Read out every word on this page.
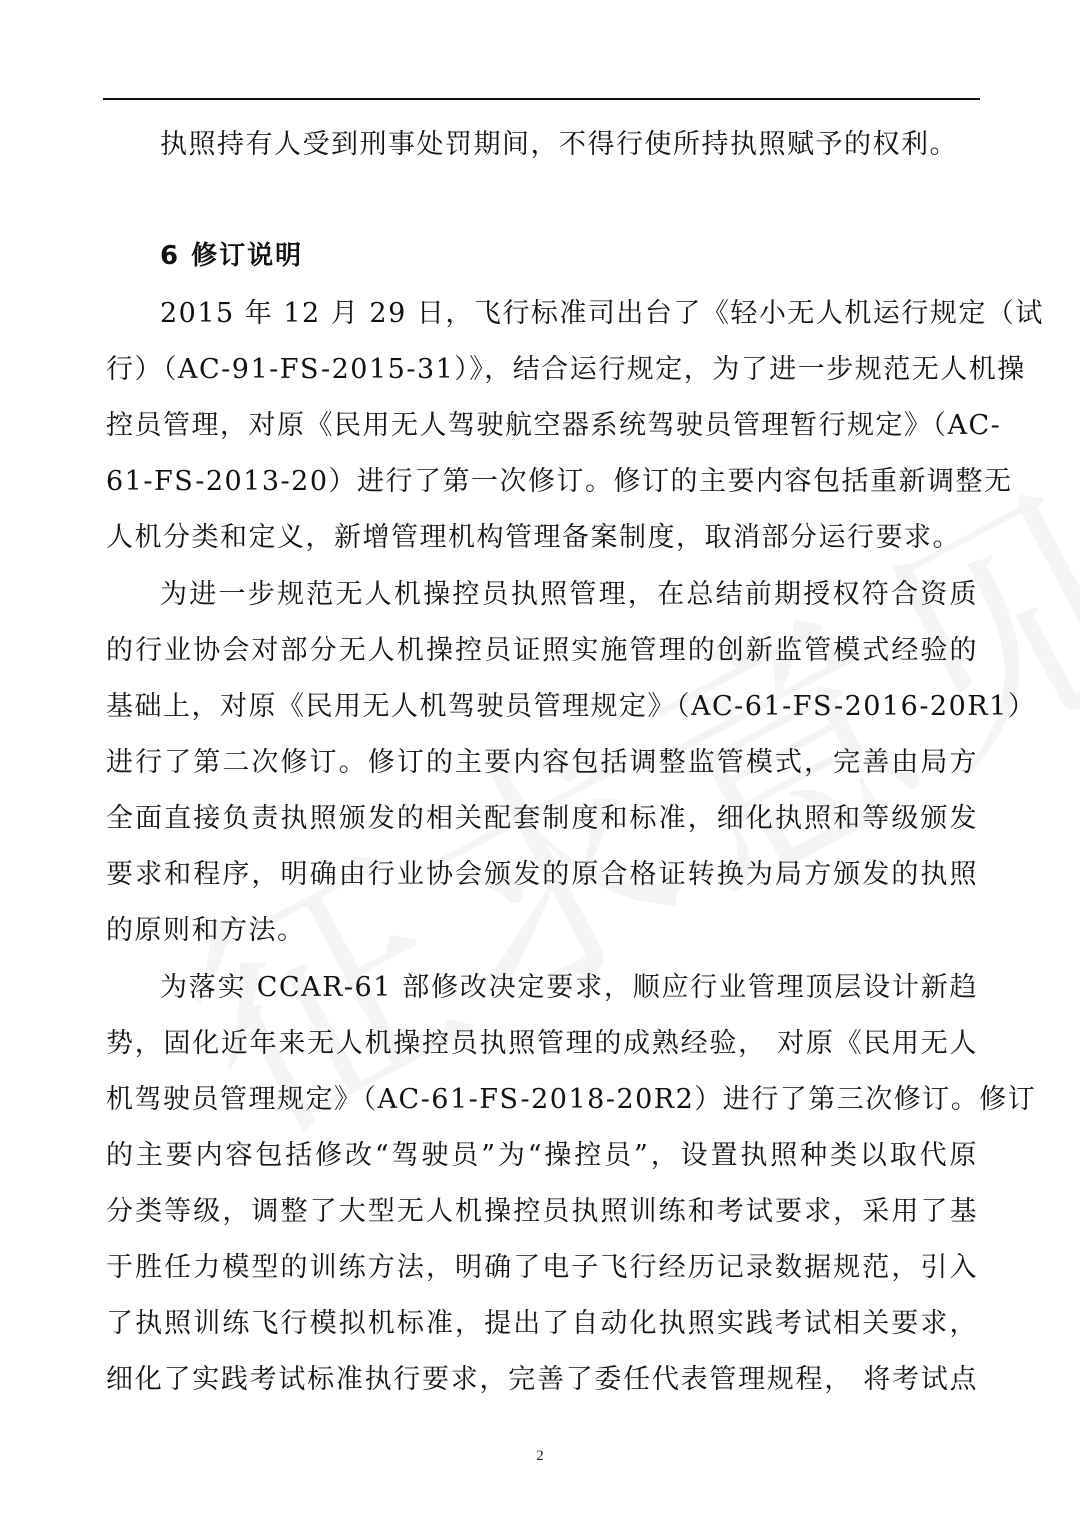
执照持有人受到刑事处罚期间，不得行使所持执照赋予的权利。
6 修订说明
2015 年 12 月 29 日，飞行标准司出台了《轻小无人机运行规定（试
行）（AC-91-FS-2015-31）》，结合运行规定，为了进一步规范无人机操
控员管理，对原《民用无人驾驶航空器系统驾驶员管理暂行规定》（AC-
61-FS-2013-20）进行了第一次修订。修订的主要内容包括重新调整无
人机分类和定义，新增管理机构管理备案制度，取消部分运行要求。
为进一步规范无人机操控员执照管理，在总结前期授权符合资质
的行业协会对部分无人机操控员证照实施管理的创新监管模式经验的
基础上，对原《民用无人机驾驶员管理规定》（AC-61-FS-2016-20R1）
进行了第二次修订。修订的主要内容包括调整监管模式，完善由局方
全面直接负责执照颁发的相关配套制度和标准，细化执照和等级颁发
要求和程序，明确由行业协会颁发的原合格证转换为局方颁发的执照
的原则和方法。
为落实 CCAR-61 部修改决定要求，顺应行业管理顶层设计新趋
势，固化近年来无人机操控员执照管理的成熟经验， 对原《民用无人
机驾驶员管理规定》（AC-61-FS-2018-20R2）进行了第三次修订。修订
的主要内容包括修改“驾驶员”为“操控员”，设置执照种类以取代原
分类等级，调整了大型无人机操控员执照训练和考试要求，采用了基
于胜任力模型的训练方法，明确了电子飞行经历记录数据规范，引入
了执照训练飞行模拟机标准，提出了自动化执照实践考试相关要求，
细化了实践考试标准执行要求，完善了委任代表管理规程， 将考试点
2
